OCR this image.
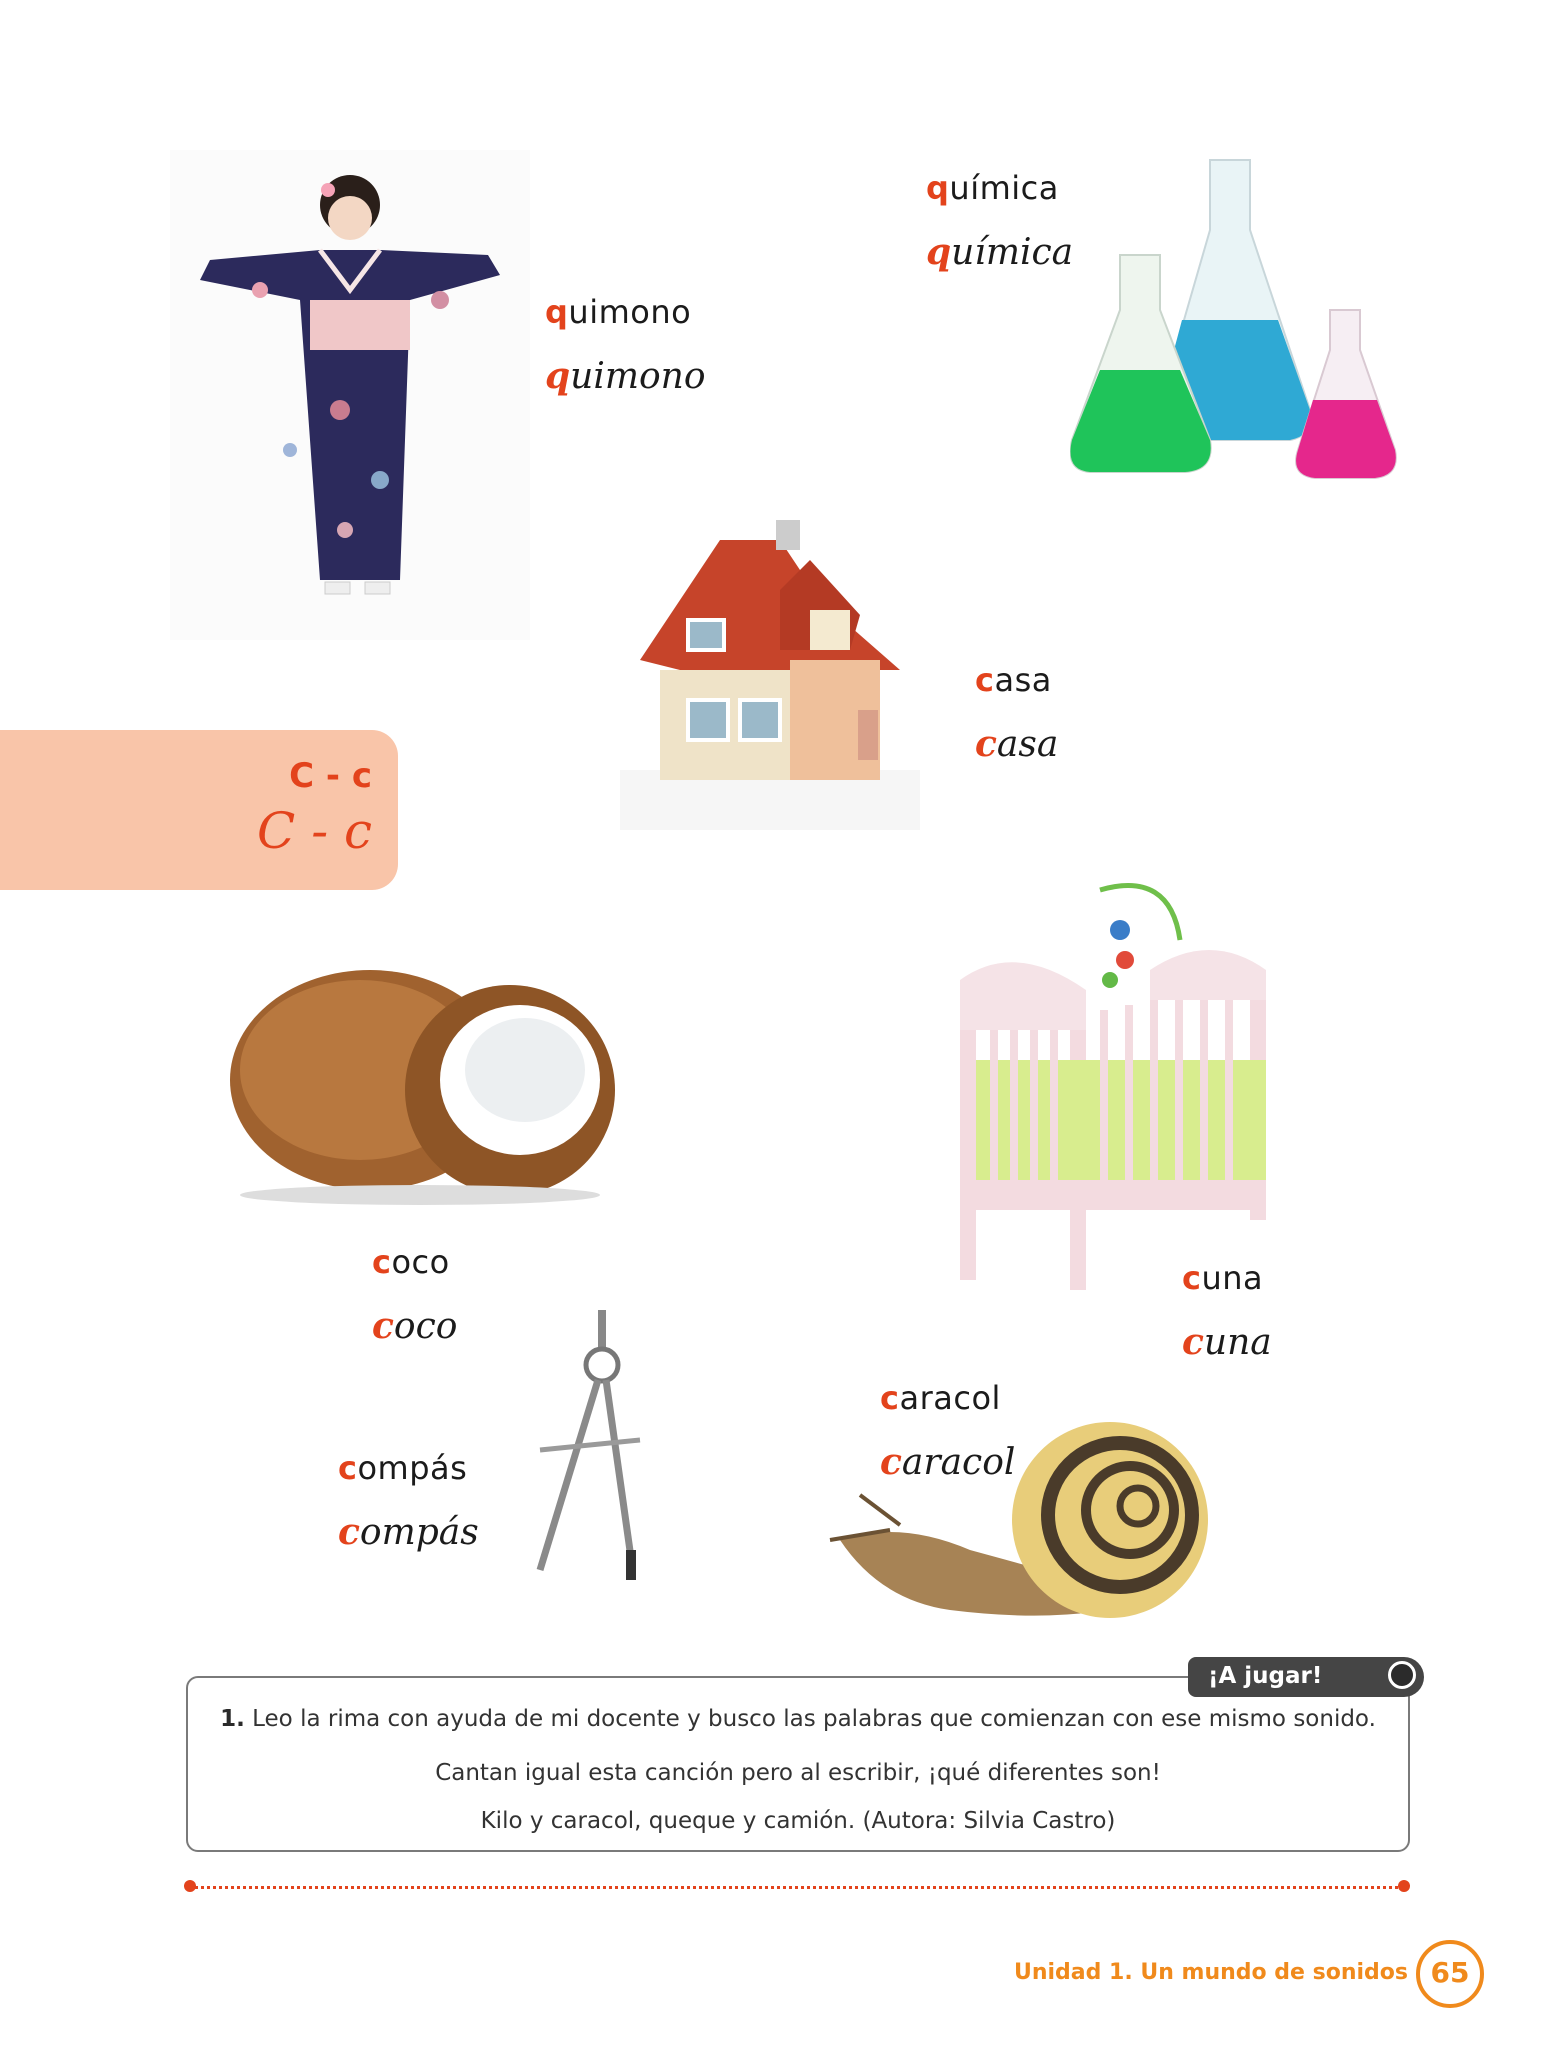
quimono
quimono
química
química
casa
casa
coco
coco
cuna
cuna
caracol
caracol
compás
compás
C - c
C - c
1. Leo la rima con ayuda de mi docente y busco las palabras que comienzan con ese mismo sonido.
Cantan igual esta canción pero al escribir, ¡qué diferentes son!
Kilo y caracol, queque y camión. (Autora: Silvia Castro)
¡A jugar!
Unidad 1. Un mundo de sonidos 65
